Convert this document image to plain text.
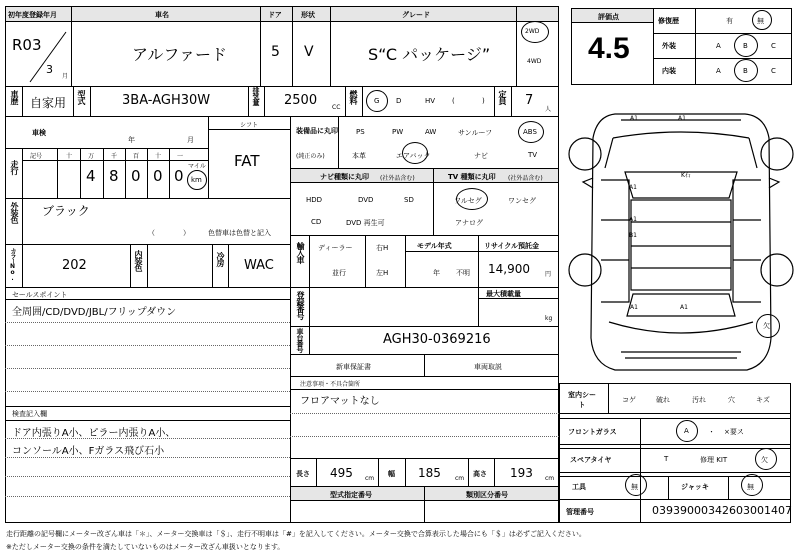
初年度登録年月	車名	ドア	形状	グレード
R03
3
月
アルファード	5 V	S“C パッケージ”
2WD
4WD
車歴 自家用 型式	3BA-AGH30W	排気量 2500 CC
燃料 G D	HV (	) 定員 7
人
車検
年	月
シフト
FAT
走行
記号	十	万	千	百	十	一
4 8 0 0 0
マイル
km
外装色 ブラック
（　　　　）	色替車は色替と記入
カラーNo.	202	内装色	冷房 WAC
セールスポイント
全周囲/CD/DVD/JBL/フリップダウン
検査記入欄
ドア内張りA小、ピラー内張りA小、
コンソールA小、Fガラス飛び石小
装備品に丸印
(純正のみ)
PS	PW	AW	サンルーフ	ABS
本革	エアバック	ナビ	TV
ナビ種類に丸印 (社外品含む)	TV 種類に丸印 (社外品含む)
HDD	DVD	SD
CD	DVD 再生可
フルセグ	ワンセグ
アナログ
輸入車 ディーラー
並行
右H
左H
モデル年式
年 不明
リサイクル預託金
14,900	円
登録番号	最大積載量
kg
車台番号	AGH30-0369216
新車保証書	車両取説
注意事項・不具合箇所
フロアマットなし
長さ 495 cm
幅 185 cm
高さ 193 cm
型式指定番号	類別区分番号
評価点
4.5
修復歴	有	無
外装	A	B	C
内装	A	B	C
A1	A1
A1
A1
B1
A1	A1
K石
欠
室内シート
コゲ	破れ	汚れ	穴	キズ
フロントガラス	A	・ ×要ス
スペアタイヤ	T	修理 KIT	欠
工具	無	ジャッキ	無
管理番号	03939000342603001407
走行距離の記号欄にメーター改ざん車は「＊」、メーター交換車は「＄」、走行不明車は「#」を記入してください。メーター交換で合算表示した場合にも「＄」は必ずご記入ください。
※ただしメーター交換の条件を満たしていないものはメーター改ざん車扱いとなります。
